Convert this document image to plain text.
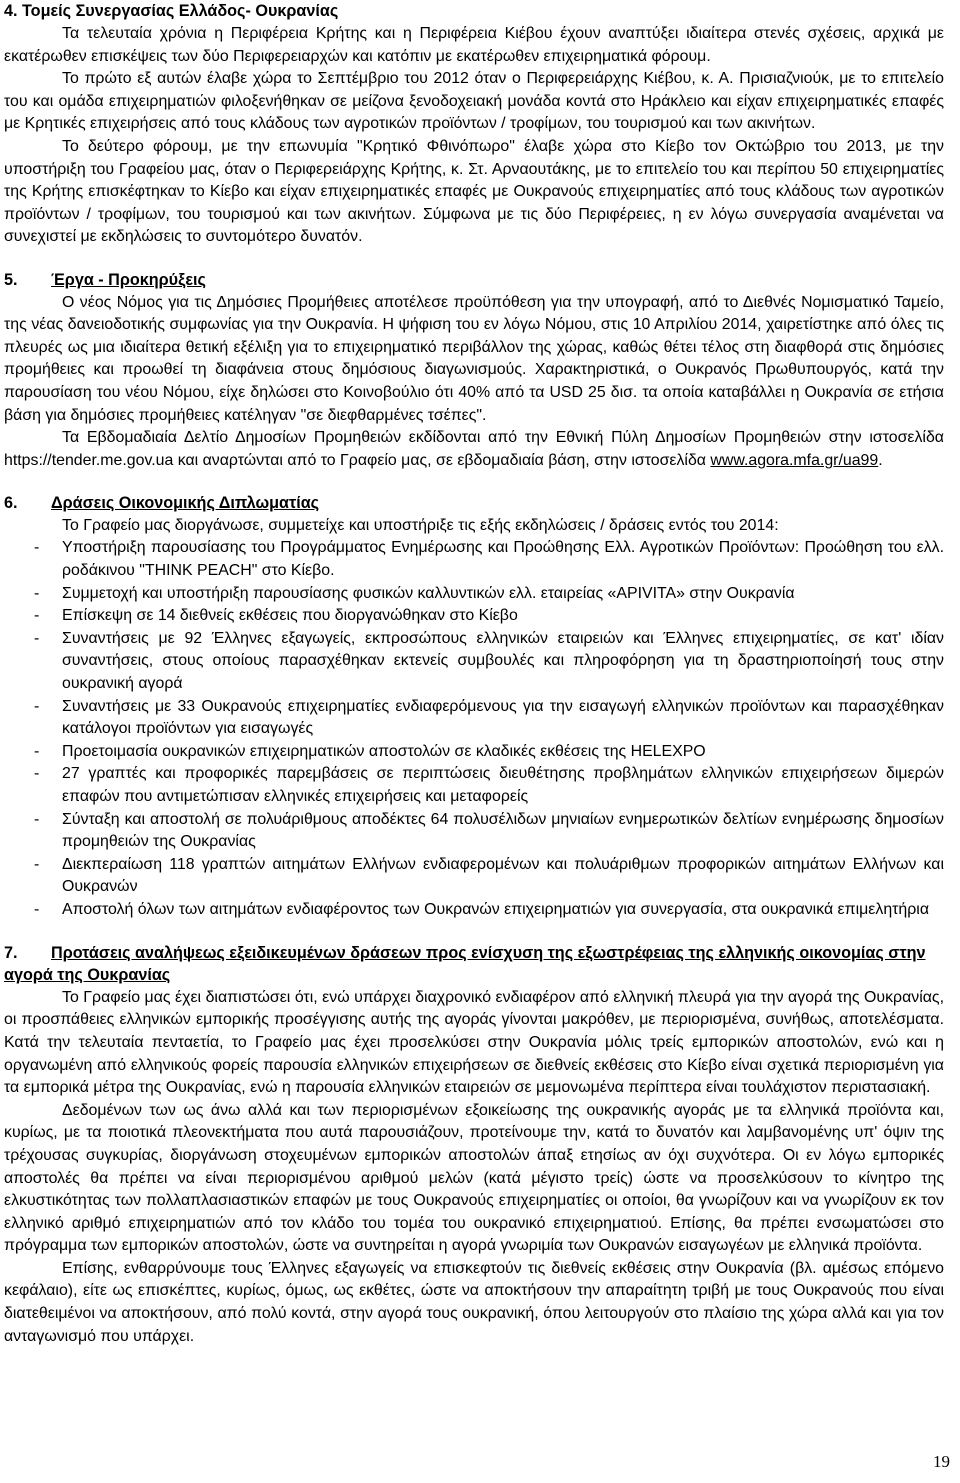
4. Τομείς Συνεργασίας Ελλάδος- Ουκρανίας

Τα τελευταία χρόνια η Περιφέρεια Κρήτης και η Περιφέρεια Κιέβου έχουν αναπτύξει ιδιαίτερα στενές σχέσεις, αρχικά με εκατέρωθεν επισκέψεις των δύο Περιφερειαρχών και κατόπιν με εκατέρωθεν επιχειρηματικά φόρουμ.

Το πρώτο εξ αυτών έλαβε χώρα το Σεπτέμβριο του 2012 όταν ο Περιφερειάρχης Κιέβου, κ. Α. Πρισιαζνιούκ, με το επιτελείο του και ομάδα επιχειρηματιών φιλοξενήθηκαν σε μείζονα ξενοδοχειακή μονάδα κοντά στο Ηράκλειο και είχαν επιχειρηματικές επαφές με Κρητικές επιχειρήσεις από τους κλάδους των αγροτικών προϊόντων / τροφίμων, του τουρισμού και των ακινήτων.

Το δεύτερο φόρουμ, με την επωνυμία "Κρητικό Φθινόπωρο" έλαβε χώρα στο Κίεβο τον Οκτώβριο του 2013, με την υποστήριξη του Γραφείου μας, όταν ο Περιφερειάρχης Κρήτης, κ. Στ. Αρναουτάκης, με το επιτελείο του και περίπου 50 επιχειρηματίες της Κρήτης επισκέφτηκαν το Κίεβο και είχαν επιχειρηματικές επαφές με Ουκρανούς επιχειρηματίες από τους κλάδους των αγροτικών προϊόντων / τροφίμων, του τουρισμού και των ακινήτων. Σύμφωνα με τις δύο Περιφέρειες, η εν λόγω συνεργασία αναμένεται να συνεχιστεί με εκδηλώσεις το συντομότερο δυνατόν.

5. Έργα - Προκηρύξεις

Ο νέος Νόμος για τις Δημόσιες Προμήθειες αποτέλεσε προϋπόθεση για την υπογραφή, από το Διεθνές Νομισματικό Ταμείο, της νέας δανειοδοτικής συμφωνίας για την Ουκρανία. Η ψήφιση του εν λόγω Νόμου, στις 10 Απριλίου 2014, χαιρετίστηκε από όλες τις πλευρές ως μια ιδιαίτερα θετική εξέλιξη για το επιχειρηματικό περιβάλλον της χώρας, καθώς θέτει τέλος στη διαφθορά στις δημόσιες προμήθειες και προωθεί τη διαφάνεια στους δημόσιους διαγωνισμούς. Χαρακτηριστικά, ο Ουκρανός Πρωθυπουργός, κατά την παρουσίαση του νέου Νόμου, είχε δηλώσει στο Κοινοβούλιο ότι 40% από τα USD 25 δισ. τα οποία καταβάλλει η Ουκρανία σε ετήσια βάση για δημόσιες προμήθειες κατέληγαν "σε διεφθαρμένες τσέπες".

Τα Εβδομαδιαία Δελτίο Δημοσίων Προμηθειών εκδίδονται από την Εθνική Πύλη Δημοσίων Προμηθειών στην ιστοσελίδα https://tender.me.gov.ua και αναρτώνται από το Γραφείο μας, σε εβδομαδιαία βάση, στην ιστοσελίδα www.agora.mfa.gr/ua99.

6. Δράσεις Οικονομικής Διπλωματίας

Το Γραφείο μας διοργάνωσε, συμμετείχε και υποστήριξε τις εξής εκδηλώσεις / δράσεις εντός του 2014:

- Υποστήριξη παρουσίασης του Προγράμματος Ενημέρωσης και Προώθησης Ελλ. Αγροτικών Προϊόντων: Προώθηση του ελλ. ροδάκινου "THINK PEACH" στο Κίεβο.
- Συμμετοχή και υποστήριξη παρουσίασης φυσικών καλλυντικών ελλ. εταιρείας «APIVITA» στην Ουκρανία
- Επίσκεψη σε 14 διεθνείς εκθέσεις που διοργανώθηκαν στο Κίεβο
- Συναντήσεις με 92 Έλληνες εξαγωγείς, εκπροσώπους ελληνικών εταιρειών και Έλληνες επιχειρηματίες, σε κατ' ιδίαν συναντήσεις, στους οποίους παρασχέθηκαν εκτενείς συμβουλές και πληροφόρηση για τη δραστηριοποίησή τους στην ουκρανική αγορά
- Συναντήσεις με 33 Ουκρανούς επιχειρηματίες ενδιαφερόμενους για την εισαγωγή ελληνικών προϊόντων και παρασχέθηκαν κατάλογοι προϊόντων για εισαγωγές
- Προετοιμασία ουκρανικών επιχειρηματικών αποστολών σε κλαδικές εκθέσεις της HELEXPO
- 27 γραπτές και προφορικές παρεμβάσεις σε περιπτώσεις διευθέτησης προβλημάτων ελληνικών επιχειρήσεων διμερών επαφών που αντιμετώπισαν ελληνικές επιχειρήσεις και μεταφορείς
- Σύνταξη και αποστολή σε πολυάριθμους αποδέκτες 64 πολυσέλιδων μηνιαίων ενημερωτικών δελτίων ενημέρωσης δημοσίων προμηθειών της Ουκρανίας
- Διεκπεραίωση 118 γραπτών αιτημάτων Ελλήνων ενδιαφερομένων και πολυάριθμων προφορικών αιτημάτων Ελλήνων και Ουκρανών
- Αποστολή όλων των αιτημάτων ενδιαφέροντος των Ουκρανών επιχειρηματιών για συνεργασία, στα ουκρανικά επιμελητήρια
7. Προτάσεις αναλήψεως εξειδικευμένων δράσεων προς ενίσχυση της εξωστρέφειας της ελληνικής οικονομίας στην αγορά της Ουκρανίας

Το Γραφείο μας έχει διαπιστώσει ότι, ενώ υπάρχει διαχρονικό ενδιαφέρον από ελληνική πλευρά για την αγορά της Ουκρανίας, οι προσπάθειες ελληνικών εμπορικής προσέγγισης αυτής της αγοράς γίνονται μακρόθεν, με περιορισμένα, συνήθως, αποτελέσματα. Κατά την τελευταία πενταετία, το Γραφείο μας έχει προσελκύσει στην Ουκρανία μόλις τρείς εμπορικών αποστολών, ενώ και η οργανωμένη από ελληνικούς φορείς παρουσία ελληνικών επιχειρήσεων σε διεθνείς εκθέσεις στο Κίεβο είναι σχετικά περιορισμένη για τα εμπορικά μέτρα της Ουκρανίας, ενώ η παρουσία ελληνικών εταιρειών σε μεμονωμένα περίπτερα είναι τουλάχιστον περιστασιακή.

Δεδομένων των ως άνω αλλά και των περιορισμένων εξοικείωσης της ουκρανικής αγοράς με τα ελληνικά προϊόντα και, κυρίως, με τα ποιοτικά πλεονεκτήματα που αυτά παρουσιάζουν, προτείνουμε την, κατά το δυνατόν και λαμβανομένης υπ' όψιν της τρέχουσας συγκυρίας, διοργάνωση στοχευμένων εμπορικών αποστολών άπαξ ετησίως αν όχι συχνότερα. Οι εν λόγω εμπορικές αποστολές θα πρέπει να είναι περιορισμένου αριθμού μελών (κατά μέγιστο τρείς) ώστε να προσελκύσουν το κίνητρο της ελκυστικότητας των πολλαπλασιαστικών επαφών με τους Ουκρανούς επιχειρηματίες οι οποίοι, θα γνωρίζουν και να γνωρίζουν εκ τον ελληνικό αριθμό επιχειρηματιών από τον κλάδο του τομέα του ουκρανικό επιχειρηματιού. Επίσης, θα πρέπει ενσωματώσει στο πρόγραμμα των εμπορικών αποστολών, ώστε να συντηρείται η αγορά γνωριμία των Ουκρανών εισαγωγέων με ελληνικά προϊόντα.

Επίσης, ενθαρρύνουμε τους Έλληνες εξαγωγείς να επισκεφτούν τις διεθνείς εκθέσεις στην Ουκρανία (βλ. αμέσως επόμενο κεφάλαιο), είτε ως επισκέπτες, κυρίως, όμως, ως εκθέτες, ώστε να αποκτήσουν την απαραίτητη τριβή με τους Ουκρανούς που είναι διατεθειμένοι να αποκτήσουν, από πολύ κοντά, στην αγορά τους ουκρανική, όπου λειτουργούν στο πλαίσιο της χώρα αλλά και για τον ανταγωνισμό που υπάρχει.

19
